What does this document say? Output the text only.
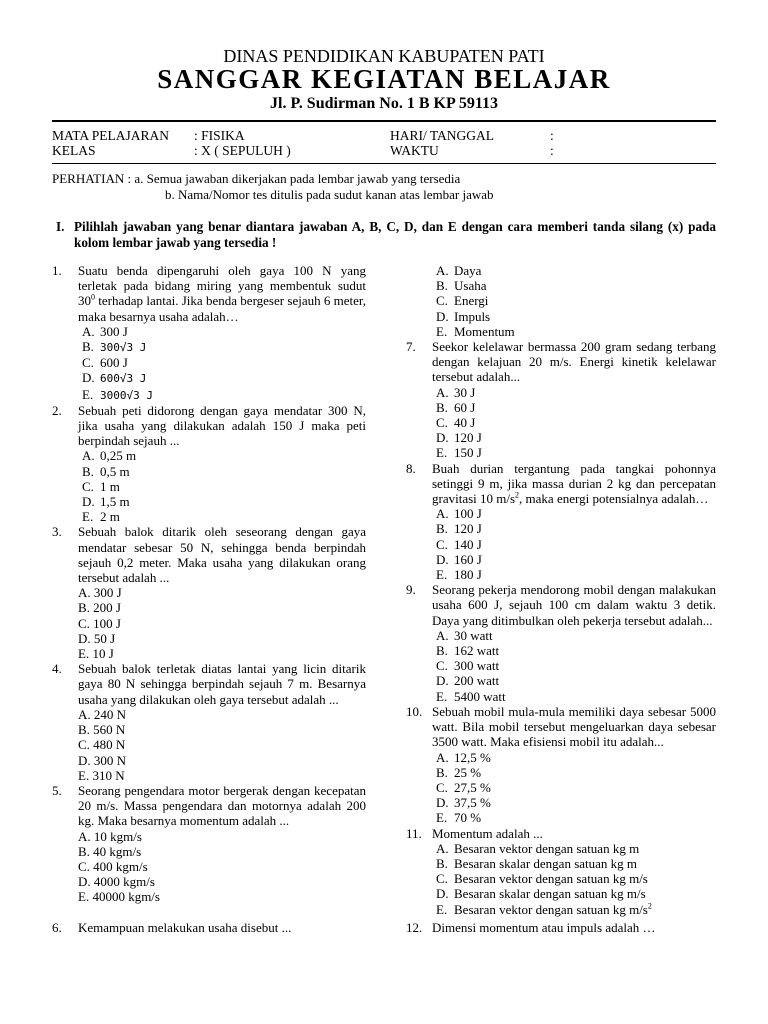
DINAS PENDIDIKAN KABUPATEN PATI
SANGGAR KEGIATAN BELAJAR
Jl. P. Sudirman No. 1 B KP 59113
MATA PELAJARAN : FISIKA
KELAS	: X ( SEPULUH )
HARI/ TANGGAL	:
WAKTU	:
PERHATIAN : a. Semua jawaban dikerjakan pada lembar jawab yang tersedia
b. Nama/Nomor tes ditulis pada sudut kanan atas lembar jawab
I. Pilihlah jawaban yang benar diantara jawaban A, B, C, D, dan E dengan cara memberi tanda silang (x) pada kolom lembar jawab yang tersedia !
1. Suatu benda dipengaruhi oleh gaya 100 N yang terletak pada bidang miring yang membentuk sudut $30^0$ terhadap lantai. Jika benda bergeser sejauh 6 meter, maka besarnya usaha adalah…
A. 300 J
B. 300√3 J
C. 600 J
D. 600√3 J
E. 3000√3 J
2. Sebuah peti didorong dengan gaya mendatar 300 N, jika usaha yang dilakukan adalah 150 J maka peti berpindah sejauh ...
A. 0,25 m
B. 0,5 m
C. 1 m
D. 1,5 m
E. 2 m
3. Sebuah balok ditarik oleh seseorang dengan gaya mendatar sebesar 50 N, sehingga benda berpindah sejauh 0,2 meter. Maka usaha yang dilakukan orang tersebut adalah ...
A. 300 J
B. 200 J
C. 100 J
D. 50 J
E. 10 J
4. Sebuah balok terletak diatas lantai yang licin ditarik gaya 80 N sehingga berpindah sejauh 7 m. Besarnya usaha yang dilakukan oleh gaya tersebut adalah ...
A. 240 N
B. 560 N
C. 480 N
D. 300 N
E. 310 N
5. Seorang pengendara motor bergerak dengan kecepatan 20 m/s. Massa pengendara dan motornya adalah 200 kg. Maka besarnya momentum adalah ...
A. 10 kgm/s
B. 40 kgm/s
C. 400 kgm/s
D. 4000 kgm/s
E. 40000 kgm/s
6. Kemampuan melakukan usaha disebut ...
A. Daya
B. Usaha
C. Energi
D. Impuls
E. Momentum
7. Seekor kelelawar bermassa 200 gram sedang terbang dengan kelajuan 20 m/s. Energi kinetik kelelawar tersebut adalah...
A. 30 J
B. 60 J
C. 40 J
D. 120 J
E. 150 J
8. Buah durian tergantung pada tangkai pohonnya setinggi 9 m, jika massa durian 2 kg dan percepatan gravitasi 10 $m/s^2$, maka energi potensialnya adalah…
A. 100 J
B. 120 J
C. 140 J
D. 160 J
E. 180 J
9. Seorang pekerja mendorong mobil dengan malakukan usaha 600 J, sejauh 100 cm dalam waktu 3 detik. Daya yang ditimbulkan oleh pekerja tersebut adalah...
A. 30 watt
B. 162 watt
C. 300 watt
D. 200 watt
E. 5400 watt
10. Sebuah mobil mula-mula memiliki daya sebesar 5000 watt. Bila mobil tersebut mengeluarkan daya sebesar 3500 watt. Maka efisiensi mobil itu adalah...
A. 12,5 %
B. 25 %
C. 27,5 %
D. 37,5 %
E. 70 %
11. Momentum adalah ...
A. Besaran vektor dengan satuan kg m
B. Besaran skalar dengan satuan kg m
C. Besaran vektor dengan satuan kg m/s
D. Besaran skalar dengan satuan kg m/s
E. Besaran vektor dengan satuan kg $m/s^2$
12. Dimensi momentum atau impuls adalah …
